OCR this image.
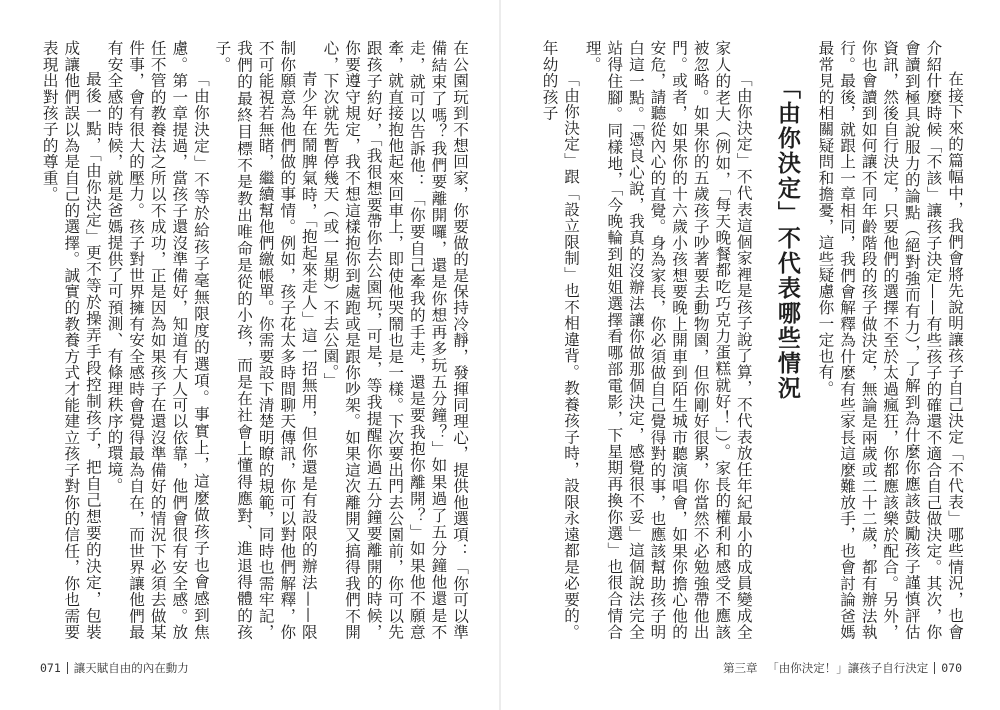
在接下來的篇幅中，我們會將先說明讓孩子自己決定「不代表」哪些情況，也會介紹什麼時候「不該」讓孩子決定——有些孩子的確還不適合自己做決定。其次，你會讀到極具說服力的論點（絕對強而有力），了解到為什麼你應該鼓勵孩子謹慎評估資訊，然後自行決定，只要他們的選擇不至於太過瘋狂，你都應該樂於配合。另外，你也會讀到如何讓不同年齡階段的孩子做決定，無論是兩歲或二十二歲，都有辦法執行。最後，就跟上一章相同，我們會解釋為什麼有些家長這麼難放手，也會討論爸媽最常見的相關疑問和擔憂，這些疑慮你一定也有。

「由你決定」不代表哪些情況

「由你決定」不代表這個家裡是孩子說了算，不代表放任年紀最小的成員變成全家人的老大（例如，「每天晚餐都吃巧克力蛋糕就好！」）。家長的權利和感受不應該被忽略。如果你的五歲孩子吵著要去動物園，但你剛好很累，你當然不必勉強帶他出門。或者，如果你的十六歲小孩想要晚上開車到陌生城市聽演唱會，如果你擔心他的安危，請聽從內心的直覺。身為家長，你必須做自己覺得對的事，也應該幫助孩子明白這一點。「憑良心說，我真的沒辦法讓你做那個決定，感覺很不妥」這個說法完全站得住腳。同樣地，「今晚輪到姐姐選擇看哪部電影，下星期再換你選」也很合情合理。

「由你決定」跟「設立限制」也不相違背。教養孩子時，設限永遠都是必要的。年幼的孩子

在公園玩到不想回家，你要做的是保持冷靜，發揮同理心，提供他選項：「你可以準備結束了嗎？我們要離開囉，還是你想再多玩五分鐘？」如果過了五分鐘他還是不走，就可以告訴他：「你要自己牽我的手走，還是要我抱你離開？」如果他不願意牽，就直接抱他起來回車上，即使他哭鬧也是一樣。下次要出門去公園前，你可以先跟孩子約好，「我很想要帶你去公園玩，可是，等我提醒你過五分鐘要離開的時候，你要遵守規定，我不想這樣抱你到處跑或是跟你吵架。如果這次離開又搞得我們不開心，下次就先暫停幾天（或一星期）不去公園。」

青少年在鬧脾氣時，「抱起來走人」這一招無用，但你還是有設限的辦法——限制你願意為他們做的事情。例如，孩子花太多時間聊天傳訊，你可以對他們解釋，你不可能視若無睹，繼續幫他們繳帳單。你需要設下清楚明瞭的規範，同時也需牢記，我們的最終目標不是教出唯命是從的小孩，而是在社會上懂得應對、進退得體的孩子。

「由你決定」不等於給孩子毫無限度的選項。事實上，這麼做孩子也會感到焦慮。第一章提過，當孩子還沒準備好，知道有大人可以依靠，他們會很有安全感。放任不管的教養法之所以不成功，正是因為如果孩子在還沒準備好的情況下必須去做某件事，會有很大的壓力。孩子對世界擁有安全感時會覺得最為自在，而世界讓他們最有安全感的時候，就是爸媽提供了可預測、有條理秩序的環境。

最後一點，「由你決定」更不等於操弄手段控制孩子，把自己想要的決定，包裝成讓他們誤以為是自己的選擇。誠實的教養方式才能建立孩子對你的信任，你也需要表現出對孩子的尊重。

071 讓天賦自由的內在動力	第三章 「由你決定！」讓孩子自行決定 070
